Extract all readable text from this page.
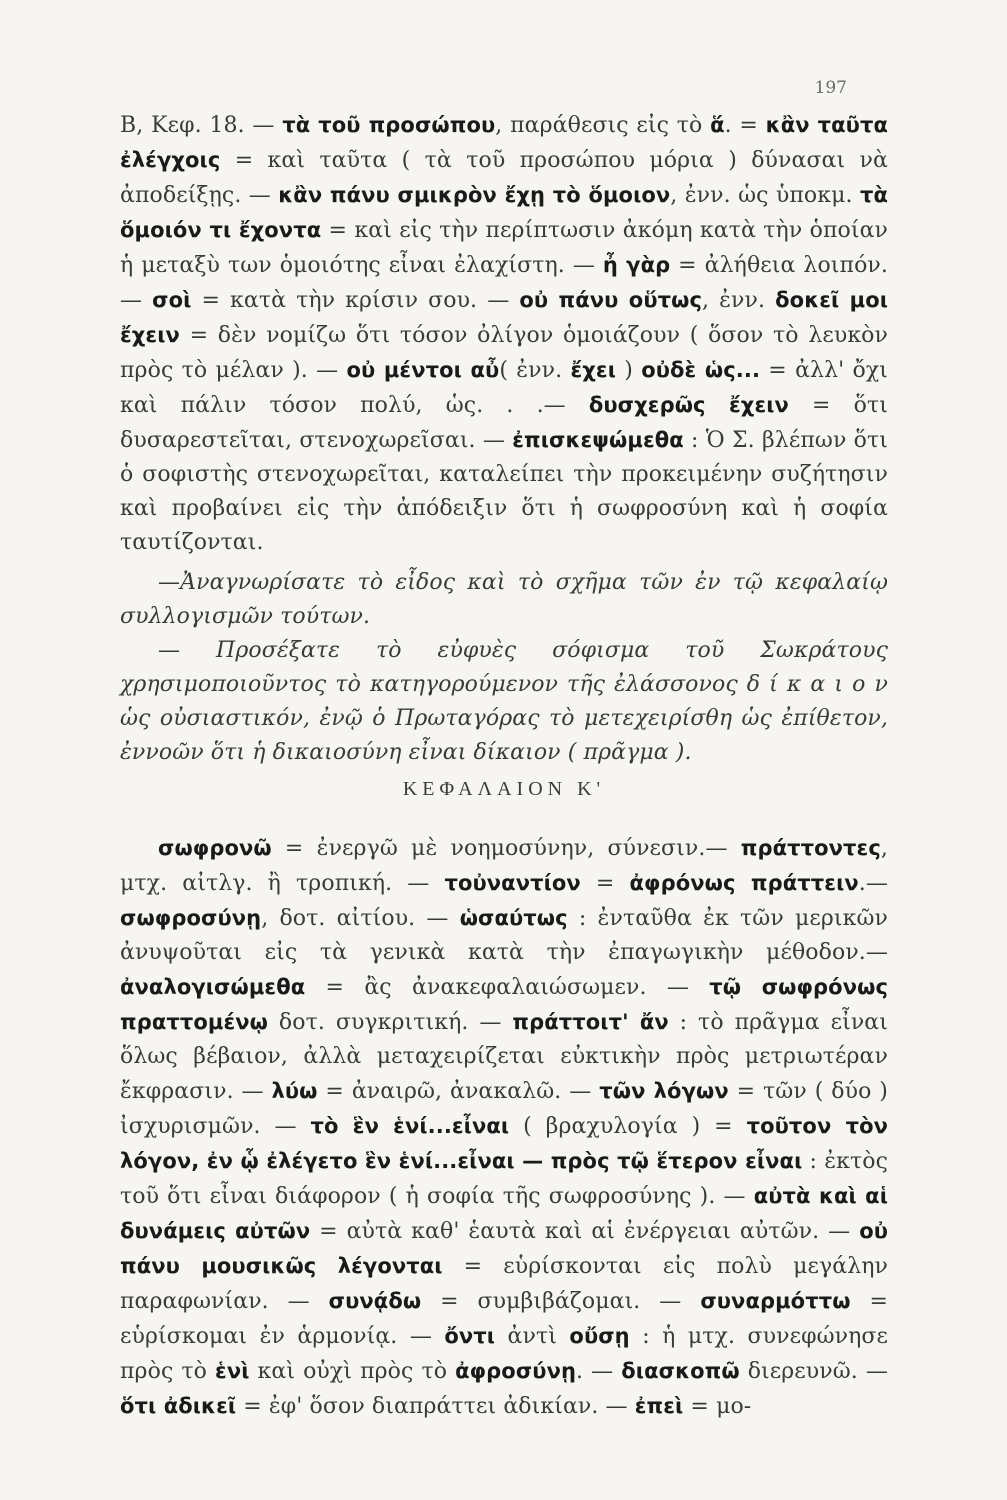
197

Β, Κεφ. 18. — τὰ τοῦ προσώπου, παράθεσις εἰς τὸ ἅ. = κἂν ταῦτα ἐλέγχοις = καὶ ταῦτα ( τὰ τοῦ προσώπου μόρια ) δύνασαι νὰ ἀποδείξῃς. — κἂν πάνυ σμικρὸν ἔχῃ τὸ ὅμοιον, ἐνν. ὡς ὑποκμ. τὰ ὅμοιόν τι ἔχοντα = καὶ εἰς τὴν περίπτωσιν ἀκόμη κατὰ τὴν ὁποίαν ἡ μεταξὺ των ὁμοιότης εἶναι ἐλαχίστη. — ἦ γὰρ = ἀλήθεια λοιπόν. — σοὶ = κατὰ τὴν κρίσιν σου. — οὐ πάνυ οὕτως, ἐνν. δοκεῖ μοι ἔχειν = δὲν νομίζω ὅτι τόσον ὀλίγον ὁμοιάζουν ( ὅσον τὸ λευκὸν πρὸς τὸ μέλαν ). — οὐ μέντοι αὖ( ἐνν. ἔχει ) οὐδὲ ὡς... = ἀλλ' ὄχι καὶ πάλιν τόσον πολύ, ὡς. . .— δυσχερῶς ἔχειν = ὅτι δυσαρεστεῖται, στενοχωρεῖσαι. — ἐπισκεψώμεθα : Ὁ Σ. βλέπων ὅτι ὁ σοφιστὴς στενοχωρεῖται, καταλείπει τὴν προκειμένην συζήτησιν καὶ προβαίνει εἰς τὴν ἀπόδειξιν ὅτι ἡ σωφροσύνη καὶ ἡ σοφία ταυτίζονται.

—Ἀναγνωρίσατε τὸ εἶδος καὶ τὸ σχῆμα τῶν ἐν τῷ κεφαλαίῳ συλλογισμῶν τούτων.

— Προσέξατε τὸ εὐφυὲς σόφισμα τοῦ Σωκράτους χρησιμοποιοῦντος τὸ κατηγορούμενον τῆς ἐλάσσονος δ ί κ α ι ο ν ὡς οὐσιαστικόν, ἐνῷ ὁ Πρωταγόρας τὸ μετεχειρίσθη ὡς ἐπίθετον, ἐννοῶν ὅτι ἡ δικαιοσύνη εἶναι δίκαιον ( πρᾶγμα ).

ΚΕΦΑΛΑΙΟΝ Κ'

σωφρονῶ = ἐνεργῶ μὲ νοημοσύνην, σύνεσιν.— πράττοντες, μτχ. αἰτλγ. ἢ τροπική. — τοὐναντίον = ἀφρόνως πράττειν.— σωφροσύνῃ, δοτ. αἰτίου. — ὡσαύτως : ἐνταῦθα ἐκ τῶν μερικῶν ἀνυψοῦται εἰς τὰ γενικὰ κατὰ τὴν ἐπαγωγικὴν μέθοδον.— ἀναλογισώμεθα = ἂς ἀνακεφαλαιώσωμεν. — τῷ σωφρόνως πραττομένῳ δοτ. συγκριτική. — πράττοιτ' ἄν : τὸ πρᾶγμα εἶναι ὅλως βέβαιον, ἀλλὰ μεταχειρίζεται εὐκτικὴν πρὸς μετριωτέραν ἔκφρασιν. — λύω = ἀναιρῶ, ἀνακαλῶ. — τῶν λόγων = τῶν ( δύο ) ἰσχυρισμῶν. — τὸ ἓν ἑνί...εἶναι ( βραχυλογία ) = τοῦτον τὸν λόγον, ἐν ᾧ ἐλέγετο ἓν ἑνί...εἶναι — πρὸς τῷ ἕτερον εἶναι : ἐκτὸς τοῦ ὅτι εἶναι διάφορον ( ἡ σοφία τῆς σωφροσύνης ). — αὐτὰ καὶ αἱ δυνάμεις αὐτῶν = αὐτὰ καθ' ἑαυτὰ καὶ αἱ ἐνέργειαι αὐτῶν. — οὐ πάνυ μουσικῶς λέγονται = εὑρίσκονται εἰς πολὺ μεγάλην παραφωνίαν. — συνᾴδω = συμβιβάζομαι. — συναρμόττω = εὑρίσκομαι ἐν ἁρμονίᾳ. — ὄντι ἀντὶ οὔσῃ : ἡ μτχ. συνεφώνησε πρὸς τὸ ἑνὶ καὶ οὐχὶ πρὸς τὸ ἀφροσύνῃ. — διασκοπῶ διερευνῶ. — ὅτι ἀδικεῖ = ἐφ' ὅσον διαπράττει ἀδικίαν. — ἐπεὶ = μο-
